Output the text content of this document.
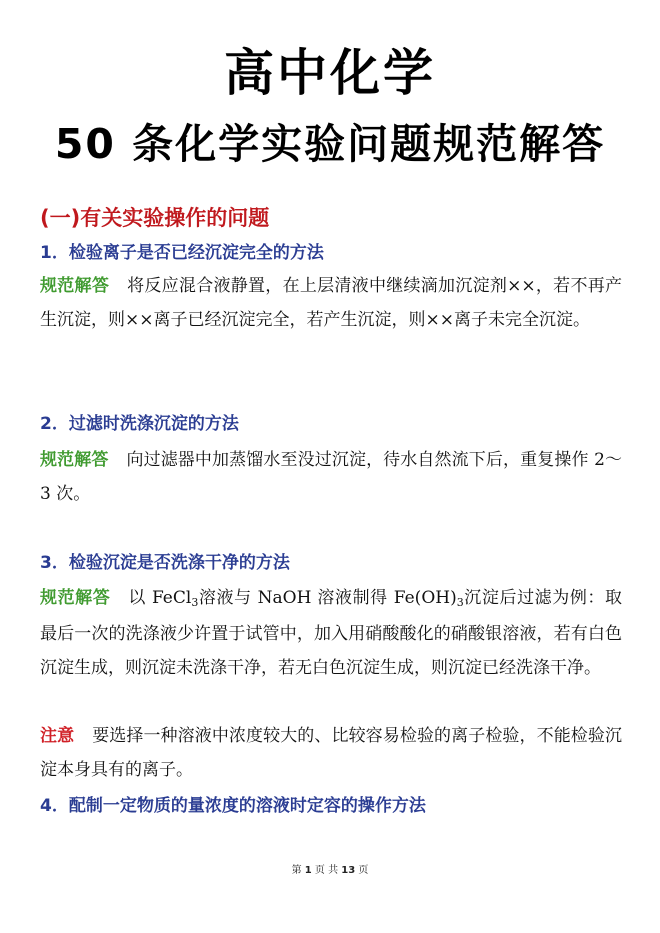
高中化学
50 条化学实验问题规范解答
(一)有关实验操作的问题
1．检验离子是否已经沉淀完全的方法
规范解答 将反应混合液静置，在上层清液中继续滴加沉淀剂××，若不再产生沉淀，则××离子已经沉淀完全，若产生沉淀，则××离子未完全沉淀。
2．过滤时洗涤沉淀的方法
规范解答 向过滤器中加蒸馏水至没过沉淀，待水自然流下后，重复操作 2～3 次。
3．检验沉淀是否洗涤干净的方法
规范解答 以 FeCl3溶液与 NaOH 溶液制得 Fe(OH)3沉淀后过滤为例：取最后一次的洗涤液少许置于试管中，加入用硝酸酸化的硝酸银溶液，若有白色沉淀生成，则沉淀未洗涤干净，若无白色沉淀生成，则沉淀已经洗涤干净。
注意 要选择一种溶液中浓度较大的、比较容易检验的离子检验，不能检验沉淀本身具有的离子。
4．配制一定物质的量浓度的溶液时定容的操作方法
第 1 页 共 13 页
